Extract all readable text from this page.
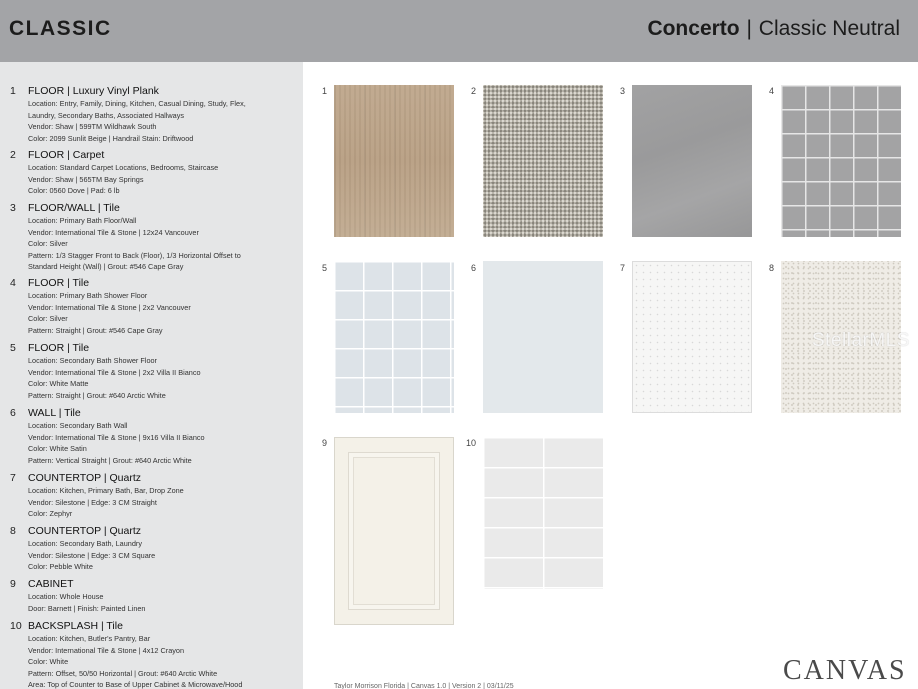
CLASSIC	Concerto | Classic Neutral
1 FLOOR | Luxury Vinyl Plank
Location: Entry, Family, Dining, Kitchen, Casual Dining, Study, Flex,
Laundry, Secondary Baths, Associated Hallways
Vendor: Shaw | 599TM Wildhawk South
Color: 2099 Sunlit Beige | Handrail Stain: Driftwood
2 FLOOR | Carpet
Location: Standard Carpet Locations, Bedrooms, Staircase
Vendor: Shaw | 565TM Bay Springs
Color: 0560 Dove | Pad: 6 lb
3 FLOOR/WALL | Tile
Location: Primary Bath Floor/Wall
Vendor: International Tile & Stone | 12x24 Vancouver
Color: Silver
Pattern: 1/3 Stagger Front to Back (Floor), 1/3 Horizontal Offset to
Standard Height (Wall) | Grout: #546 Cape Gray
4 FLOOR | Tile
Location: Primary Bath Shower Floor
Vendor: International Tile & Stone | 2x2 Vancouver
Color: Silver
Pattern: Straight | Grout: #546 Cape Gray
5 FLOOR | Tile
Location: Secondary Bath Shower Floor
Vendor: International Tile & Stone | 2x2 Villa II Bianco
Color: White Matte
Pattern: Straight | Grout: #640 Arctic White
6 WALL | Tile
Location: Secondary Bath Wall
Vendor: International Tile & Stone | 9x16 Villa II Bianco
Color: White Satin
Pattern: Vertical Straight | Grout: #640 Arctic White
7 COUNTERTOP | Quartz
Location: Kitchen, Primary Bath, Bar, Drop Zone
Vendor: Silestone | Edge: 3 CM Straight
Color: Zephyr
8 COUNTERTOP | Quartz
Location: Secondary Bath, Laundry
Vendor: Silestone | Edge: 3 CM Square
Color: Pebble White
9 CABINET
Location: Whole House
Door: Barnett | Finish: Painted Linen
10 BACKSPLASH | Tile
Location: Kitchen, Butler's Pantry, Bar
Vendor: International Tile & Stone | 4x12 Crayon
Color: White
Pattern: Offset, 50/50 Horizontal | Grout: #640 Arctic White
Area: Top of Counter to Base of Upper Cabinet & Microwave/Hood
1	2	3	4
5	6	7	8
9	10
StellarMLS
Taylor Morrison Florida | Canvas 1.0 | Version 2 | 03/11/25
CANVAS
